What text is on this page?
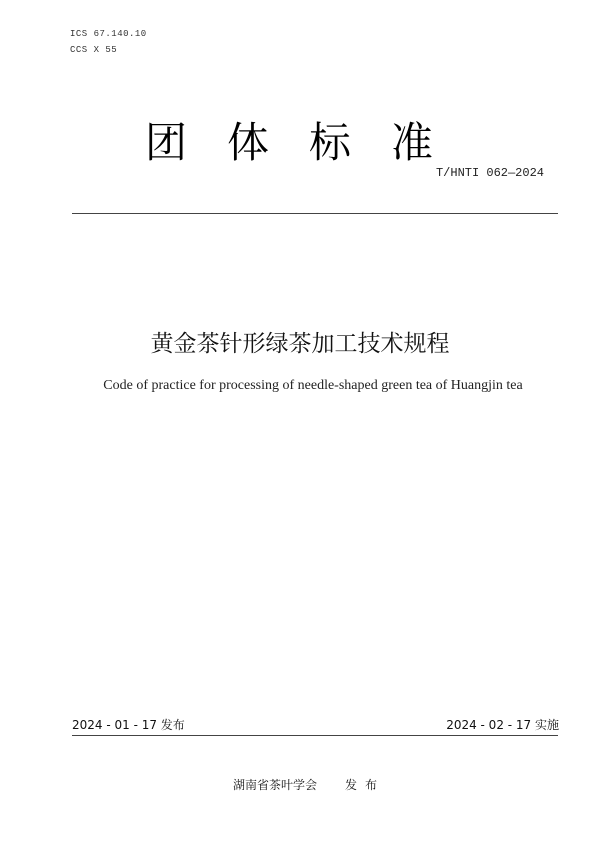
ICS 67.140.10
CCS X 55
团体标准
T/HNTI 062—2024
黄金茶针形绿茶加工技术规程
Code of practice for processing of needle-shaped green tea of Huangjin tea
2024 - 01 - 17 发布	2024 - 02 - 17 实施
湖南省茶叶学会 发布
